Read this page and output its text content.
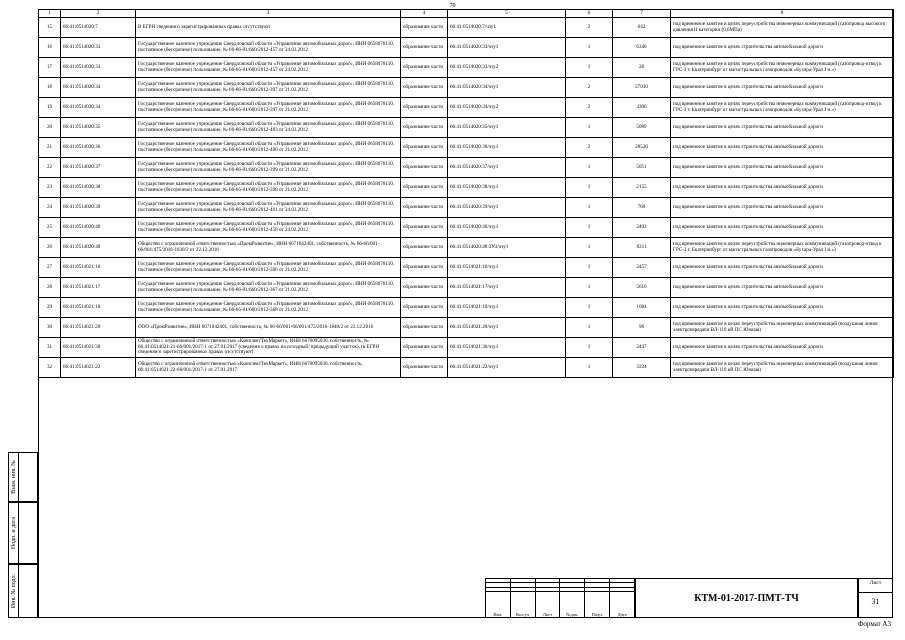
70
1	2	3	4	5	6	7	8
15	66:41:0514020:7	В ЕГРН сведения о зарегистрированных правах отсутствуют	образование части	66:41:0514020:7/чзу1	2	642	под временное занятие в целях переустройства инженерных коммуникаций (газопровод высокого давления II категории (0,6МПа)
16	66:41:0514020:33	Государственное казенное учреждение Свердловской области «Управление автомобильных дорог», ИНН 6658078110, постоянное (бессрочное) пользование, № 66-66-01/660/2012-457 от 24.02.2012	образование части	66:41:0514020:33/чзу1	1	6340	под временное занятие в целях строительства автомобильной дороги
17	66:41:0514020:33	Государственное казенное учреждение Свердловской области «Управление автомобильных дорог», ИНН 6658078110, постоянное (бессрочное) пользование, № 66-66-01/660/2012-457 от 24.02.2012	образование части	66:41:0514020:33/чзу2	1	28	под временное занятие в целях переустройства инженерных коммуникаций (газопровод-отвод к ГРС-3 г. Екатеринбург от магистральных газопроводов «Бухара-Урал I н.»)
18	66:41:0514020:34	Государственное казенное учреждение Свердловской области «Управление автомобильных дорог», ИНН 6658078110, постоянное (бессрочное) пользование, № 66-66-01/660/2012-397 от 21.02.2012	образование части	66:41:0514020:34/чзу1	2	27030	под временное занятие в целях строительства автомобильной дороги
19	66:41:0514020:34	Государственное казенное учреждение Свердловской области «Управление автомобильных дорог», ИНН 6658078110, постоянное (бессрочное) пользование, № 66-66-01/660/2012-397 от 21.02.2012	образование части	66:41:0514020:34/чзу2	2	4306	под временное занятие в целях переустройства инженерных коммуникаций (газопровод-отвод к ГРС-3 г. Екатеринбург от магистральных газопроводов «Бухара-Урал I н.»)
20	66:41:0514020:35	Государственное казенное учреждение Свердловской области «Управление автомобильных дорог», ИНН 6658078110, постоянное (бессрочное) пользование, № 66-66-01/660/2012-403 от 24.02.2012	образование части	66:41:0514020:35/чзу1	1	5089	под временное занятие в целях строительства автомобильной дороги
21	66:41:0514020:36	Государственное казенное учреждение Свердловской области «Управление автомобильных дорог», ИНН 6658078110, постоянное (бессрочное) пользование, № 66-66-01/660/2012-400 от 21.02.2012	образование части	66:41:0514020:36/чзу1	2	28530	под временное занятие в целях строительства автомобильной дороги
22	66:41:0514020:37	Государственное казенное учреждение Свердловской области «Управление автомобильных дорог», ИНН 6658078110, постоянное (бессрочное) пользование, № 66-66-01/660/2012-399 от 21.02.2012	образование части	66:41:0514020:37/чзу1	1	5051	под временное занятие в целях строительства автомобильной дороги
23	66:41:0514020:38	Государственное казенное учреждение Свердловской области «Управление автомобильных дорог», ИНН 6658078110, постоянное (бессрочное) пользование, № 66-66-01/660/2012-398 от 21.02.2012	образование части	66:41:0514020:38/чзу1	1	2155	под временное занятие в целях строительства автомобильной дороги
24	66:41:0514020:39	Государственное казенное учреждение Свердловской области «Управление автомобильных дорог», ИНН 6658078110, постоянное (бессрочное) пользование, № 66-66-01/660/2012-401 от 24.02.2012	образование части	66:41:0514020:39/чзу1	1	760	под временное занятие в целях строительства автомобильной дороги
25	66:41:0514020:40	Государственное казенное учреждение Свердловской области «Управление автомобильных дорог», ИНН 6658078110, постоянное (бессрочное) пользование, № 66-66-01/660/2012-458 от 24.02.2012	образование части	66:41:0514020:40/чзу1	1	2403	под временное занятие в целях строительства автомобильной дороги
26	66:41:0514020:48	Общество с ограниченной ответственностью «ПромРазвитие», ИНН 6671042401, собственность, № 66-66/001-66/001/475/2016-1838/2 от 22.12.2016	образование части	66:41:0514020:48:ЗУ3/чзу1	1	8311	под временное занятие в целях переустройства инженерных коммуникаций (газопровод-отвод к ГРС-3 г. Екатеринбург от магистральных газопроводов «Бухара-Урал I н.»)
27	66:41:0514021:16	Государственное казенное учреждение Свердловской области «Управление автомобильных дорог», ИНН 6658078110, постоянное (бессрочное) пользование, № 66-66-01/660/2012-366 от 21.02.2012	образование части	66:41:0514021:16/чзу1	1	2457	под временное занятие в целях строительства автомобильной дороги
28	66:41:0514021:17	Государственное казенное учреждение Свердловской области «Управление автомобильных дорог», ИНН 6658078110, постоянное (бессрочное) пользование, № 66-66-01/660/2012-367 от 21.02.2012	образование части	66:41:0514021:17/чзу1	1	5616	под временное занятие в целях строительства автомобильной дороги
29	66:41:0514021:18	Государственное казенное учреждение Свердловской области «Управление автомобильных дорог», ИНН 6658078110, постоянное (бессрочное) пользование, № 66-66-01/660/2012-368 от 21.02.2012	образование части	66:41:0514021:18/чзу1	1	1084	под временное занятие в целях строительства автомобильной дороги
30	66:41:0514021:20	ООО «ПромРазвитие», ИНН 6671042401, собственность, № 66-66/001-66/001/475/2016-1840/2 от 22.12.2016	образование части	66:41:0514021:20/чзу1	1	96	под временное занятие в целях переустройства инженерных коммуникаций (воздушная линия электропередачи ВЛ-110 кВ ПС Южная)
31	66:41:0514021:30	Общество с ограниченной ответственностью «КомплектТехМаркет», ИНН 6670095030, собственность, № 66:41:0514021:21-66/001/2017-1 от 27.01.2017 (сведения о правах на исходный/ предыдущий участок), (в ЕГРН сведения о зарегистрированных правах отсутствуют)	образование части	66:41:0514021:30/чзу1	1	2437	под временное занятие в целях строительства автомобильной дороги
32	66:41:0514021:22	Общество с ограниченной ответственностью «КомплектТехМаркет», ИНН 6670095030, собственность, 66:41:0514021:22-66/001/2017-1 от 27.01.2017	образование части	66:41:0514021:22/чзу1	1	3224	под временное занятие в целях переустройства инженерных коммуникаций (воздушная линия электропередачи ВЛ-110 кВ ПС Южная)
Взам. инв. №
Подп. и дата
Инв. № подл.

Изм.	Кол.уч	Лист	№док.	Подп.	Дата
КТМ-01-2017-ПМТ-ТЧ
Лист
31
Формат А3
